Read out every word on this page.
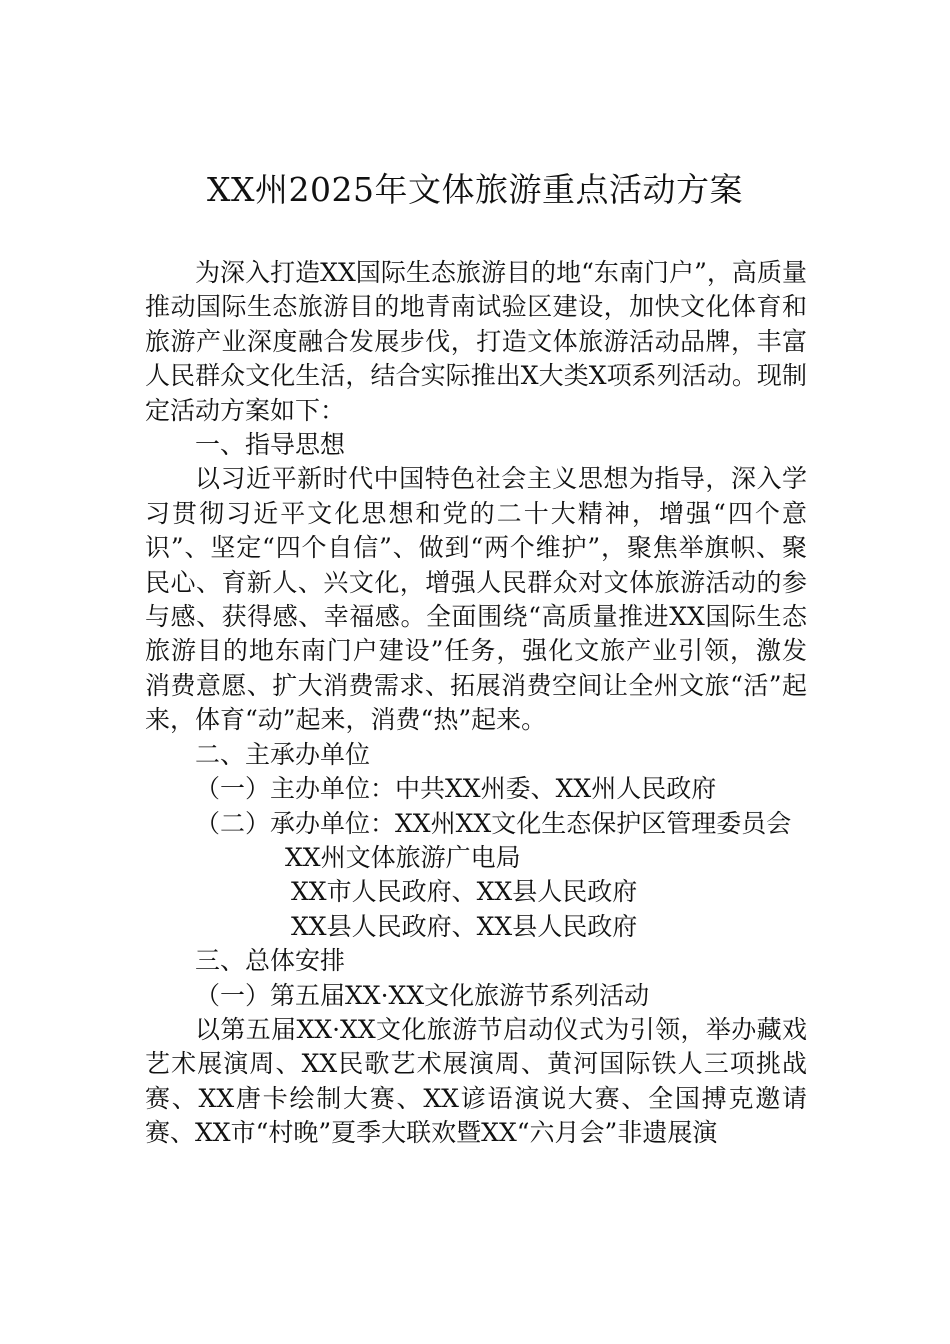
XX州2025年文体旅游重点活动方案

为深入打造XX国际生态旅游目的地“东南门户”，高质量推动国际生态旅游目的地青南试验区建设，加快文化体育和旅游产业深度融合发展步伐，打造文体旅游活动品牌，丰富人民群众文化生活，结合实际推出X大类X项系列活动。现制定活动方案如下：

一、指导思想

以习近平新时代中国特色社会主义思想为指导，深入学习贯彻习近平文化思想和党的二十大精神，增强“四个意识”、坚定“四个自信”、做到“两个维护”，聚焦举旗帜、聚民心、育新人、兴文化，增强人民群众对文体旅游活动的参与感、获得感、幸福感。全面围绕“高质量推进XX国际生态旅游目的地东南门户建设”任务，强化文旅产业引领，激发消费意愿、扩大消费需求、拓展消费空间让全州文旅“活”起来，体育“动”起来，消费“热”起来。

二、主承办单位

（一）主办单位：中共XX州委、XX州人民政府

（二）承办单位：XX州XX文化生态保护区管理委员会

XX州文体旅游广电局

XX市人民政府、XX县人民政府

XX县人民政府、XX县人民政府

三、总体安排

（一）第五届XX·XX文化旅游节系列活动

以第五届XX·XX文化旅游节启动仪式为引领，举办藏戏艺术展演周、XX民歌艺术展演周、黄河国际铁人三项挑战赛、XX唐卡绘制大赛、XX谚语演说大赛、全国搏克邀请赛、XX市“村晚”夏季大联欢暨XX“六月会”非遗展演
